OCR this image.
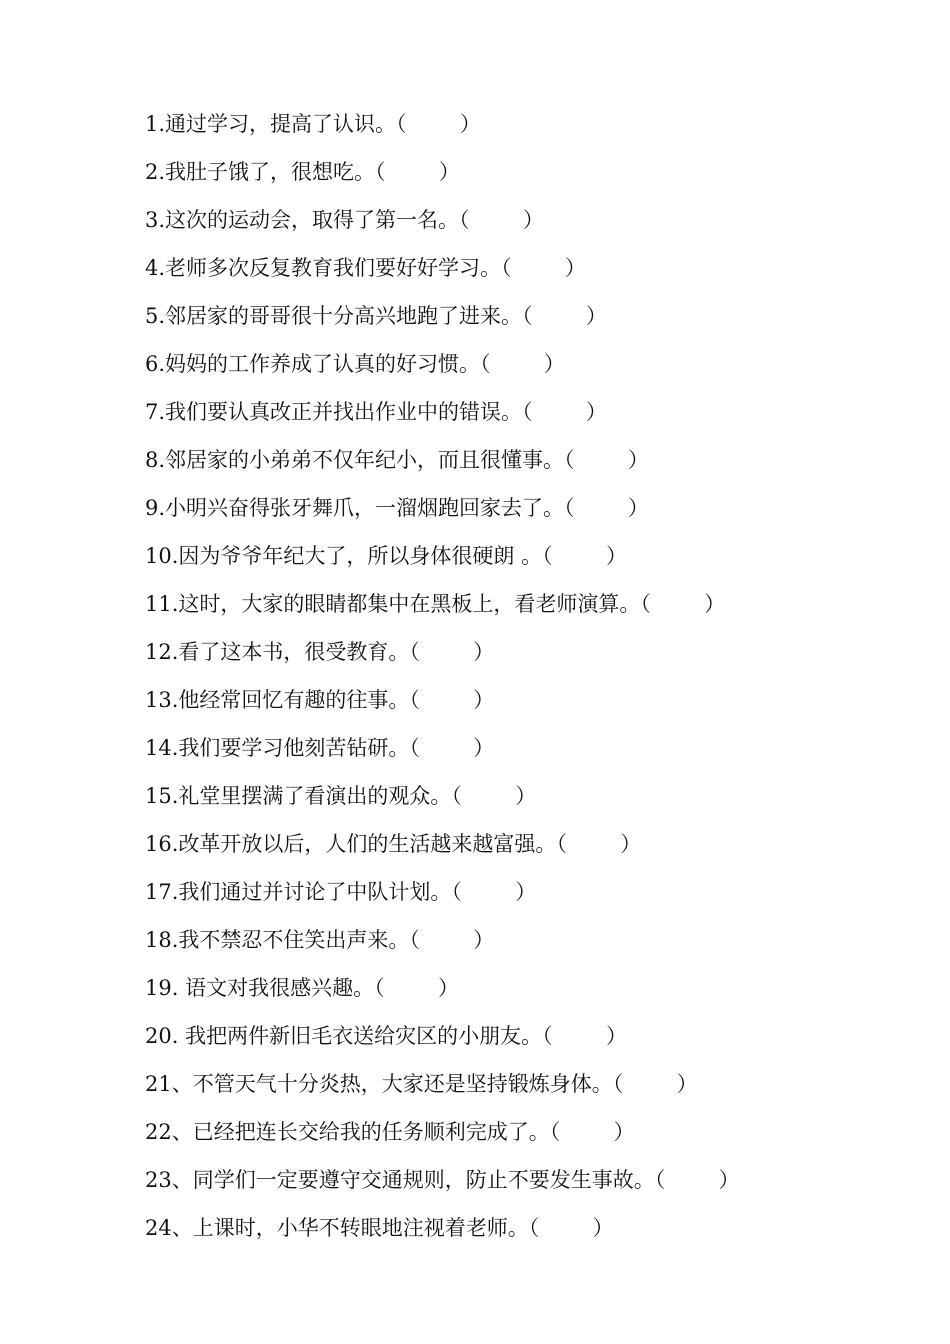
1.通过学习，提高了认识。（        ）
2.我肚子饿了，很想吃。（        ）
3.这次的运动会，取得了第一名。（        ）
4.老师多次反复教育我们要好好学习。（        ）
5.邻居家的哥哥很十分高兴地跑了进来。（        ）
6.妈妈的工作养成了认真的好习惯。（        ）
7.我们要认真改正并找出作业中的错误。（        ）
8.邻居家的小弟弟不仅年纪小，而且很懂事。（        ）
9.小明兴奋得张牙舞爪，一溜烟跑回家去了。（        ）
10.因为爷爷年纪大了，所以身体很硬朗 。（        ）
11.这时，大家的眼睛都集中在黑板上，看老师演算。（        ）
12.看了这本书，很受教育。（        ）
13.他经常回忆有趣的往事。（        ）
14.我们要学习他刻苦钻研。（        ）
15.礼堂里摆满了看演出的观众。（        ）
16.改革开放以后，人们的生活越来越富强。（        ）
17.我们通过并讨论了中队计划。（        ）
18.我不禁忍不住笑出声来。（        ）
19. 语文对我很感兴趣。（        ）
20. 我把两件新旧毛衣送给灾区的小朋友。（        ）
21、不管天气十分炎热，大家还是坚持锻炼身体。（        ）
22、已经把连长交给我的任务顺利完成了。（        ）
23、同学们一定要遵守交通规则，防止不要发生事故。（        ）
24、上课时，小华不转眼地注视着老师。（        ）
